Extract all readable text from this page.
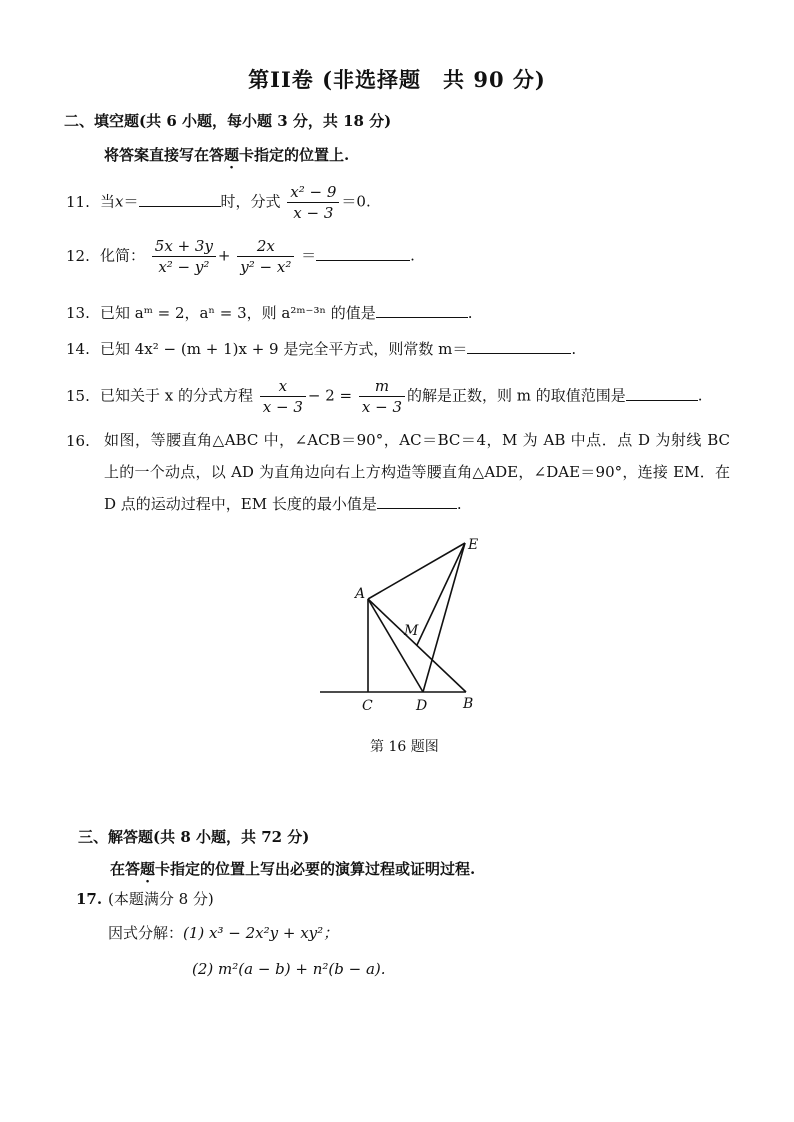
第II卷 (非选择题　共 90 分)
二、填空题(共 6 小题，每小题 3 分，共 18 分)
将答案直接写在答题卡指定的位置上.
11. 当x＝	时，分式 $\frac{\text{x² − 9}}{x - 3} =0$.
12. 化简： $\frac{5x + 3y}{\text{x² − y²}} + \frac{2x}{\text{y² − x²}}$ ＝	.
13. 已知 aᵐ = 2，aⁿ = 3，则 a²ᵐ⁻³ⁿ 的值是	.
14. 已知 4x² − (m + 1)x + 9 是完全平方式，则常数 m＝	.
15. 已知关于 x 的分式方程 $\frac{x}{x - 3} - 2 = \frac{m}{x - 3}$ 的解是正数，则 m 的取值范围是	.
16. 如图，等腰直角△ABC 中，∠ACB＝90°，AC＝BC＝4，M 为 AB 中点．点 D 为射线 BC 上的一个动点，以 AD 为直角边向右上方构造等腰直角△ADE，∠DAE＝90°，连接 EM．在 D 点的运动过程中，EM 长度的最小值是	.
A
E
M
C	D	B
第 16 题图
三、解答题(共 8 小题，共 72 分)
在答题卡指定的位置上写出必要的演算过程或证明过程.
17. (本题满分 8 分)
因式分解：(1) x³ − 2x²y + xy²；
(2) m²(a − b) + n²(b − a).
